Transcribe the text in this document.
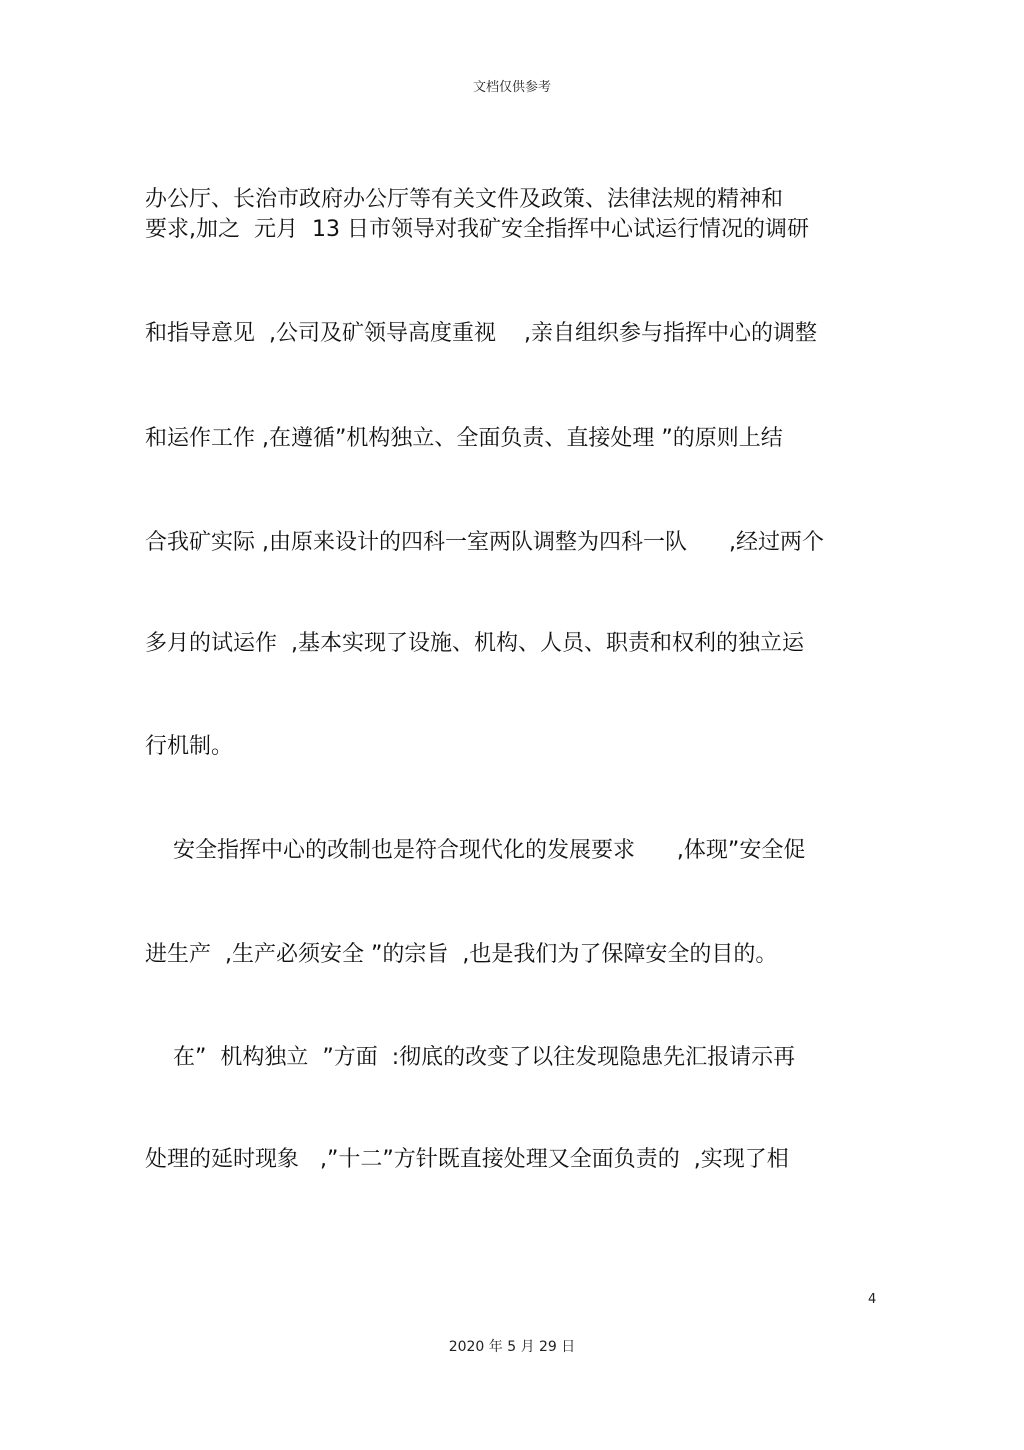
文档仅供参考
办公厅、长治市政府办公厅等有关文件及政策、法律法规的精神和
要求,加之  元月  13 日市领导对我矿安全指挥中心试运行情况的调研
和指导意见  ,公司及矿领导高度重视    ,亲自组织参与指挥中心的调整
和运作工作 ,在遵循”机构独立、全面负责、直接处理 ”的原则上结
合我矿实际 ,由原来设计的四科一室两队调整为四科一队      ,经过两个
多月的试运作  ,基本实现了设施、机构、人员、职责和权利的独立运
行机制。
安全指挥中心的改制也是符合现代化的发展要求      ,体现”安全促
进生产  ,生产必须安全 ”的宗旨  ,也是我们为了保障安全的目的。
在”  机构独立  ”方面  :彻底的改变了以往发现隐患先汇报请示再
处理的延时现象   ,”十二”方针既直接处理又全面负责的  ,实现了相
4
2020 年 5 月 29 日
